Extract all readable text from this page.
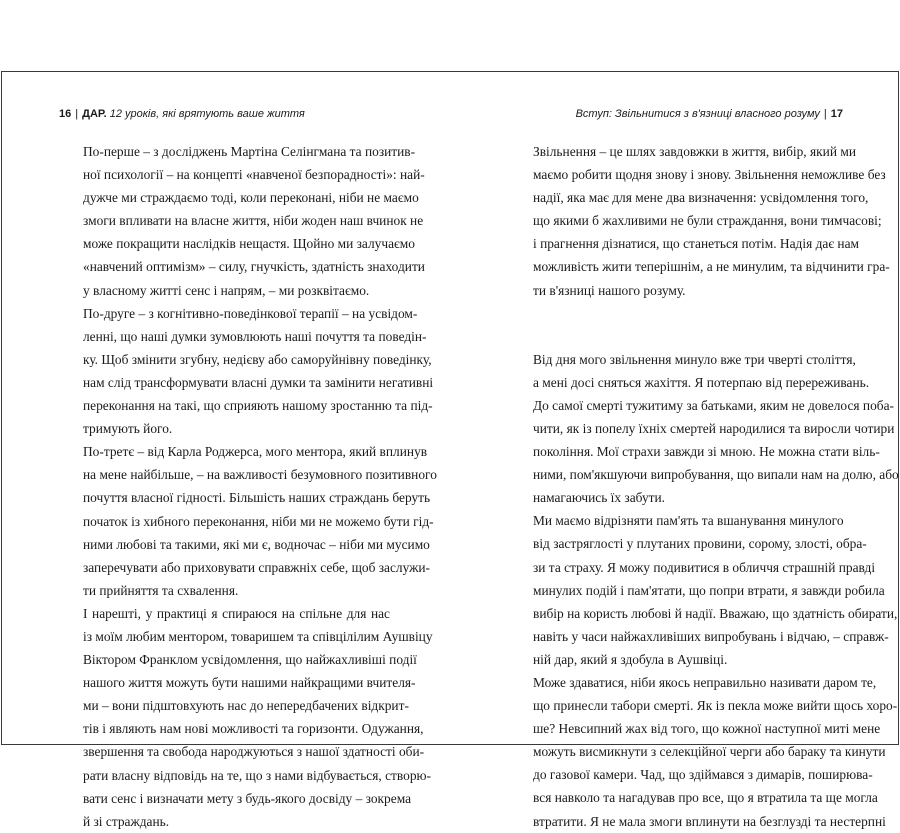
16 | ДАР. 12 уроків, які врятують ваше життя

По-перше – з досліджень Мартіна Селінгмана та позитив-
ної психології – на концепті «навченої безпорадності»: най-
дужче ми страждаємо тоді, коли переконані, ніби не маємо
змоги впливати на власне життя, ніби жоден наш вчинок не
може покращити наслідків нещастя. Щойно ми залучаємо
«навчений оптимізм» – силу, гнучкість, здатність знаходити
у власному житті сенс і напрям, – ми розквітаємо.

По-друге – з когнітивно-поведінкової терапії – на усвідом-
ленні, що наші думки зумовлюють наші почуття та поведін-
ку. Щоб змінити згубну, недієву або саморуйнівну поведінку,
нам слід трансформувати власні думки та замінити негативні
переконання на такі, що сприяють нашому зростанню та під-
тримують його.

По-третє – від Карла Роджерса, мого ментора, який вплинув
на мене найбільше, – на важливості безумовного позитивного
почуття власної гідності. Більшість наших страждань беруть
початок із хибного переконання, ніби ми не можемо бути гід-
ними любові та такими, які ми є, водночас – ніби ми мусимо
заперечувати або приховувати справжніх себе, щоб заслужи-
ти прийняття та схвалення.

І нарешті, у практиці я спираюся на спільне для нас
із моїм любим ментором, товаришем та співцілілим Аушвіцу
Віктором Франклом усвідомлення, що найжахливіші події
нашого життя можуть бути нашими найкращими вчителя-
ми – вони підштовхують нас до непередбачених відкрит-
тів і являють нам нові можливості та горизонти. Одужання,
звершення та свобода народжуються з нашої здатності оби-
рати власну відповідь на те, що з нами відбувається, створю-
вати сенс і визначати мету з будь-якого досвіду – зокрема
й зі страждань.

Вступ: Звільнитися з в'язниці власного розуму | 17

Звільнення – це шлях завдовжки в життя, вибір, який ми
маємо робити щодня знову і знову. Звільнення неможливе без
надії, яка має для мене два визначення: усвідомлення того,
що якими б жахливими не були страждання, вони тимчасові;
і прагнення дізнатися, що станеться потім. Надія дає нам
можливість жити теперішнім, а не минулим, та відчинити гра-
ти в'язниці нашого розуму.

Від дня мого звільнення минуло вже три чверті століття,
а мені досі сняться жахіття. Я потерпаю від перереживань.
До самої смерті тужитиму за батьками, яким не довелося поба-
чити, як із попелу їхніх смертей народилися та виросли чотири
покоління. Мої страхи завжди зі мною. Не можна стати віль-
ними, пом'якшуючи випробування, що випали нам на долю, або
намагаючись їх забути.

Ми маємо відрізняти пам'ять та вшанування минулого
від застряглості у плутаних провини, сорому, злості, обра-
зи та страху. Я можу подивитися в обличчя страшній правді
минулих подій і пам'ятати, що попри втрати, я завжди робила
вибір на користь любові й надії. Вважаю, що здатність обирати,
навіть у часи найжахливіших випробувань і відчаю, – справж-
ній дар, який я здобула в Аушвіці.

Може здаватися, ніби якось неправильно називати даром те,
що принесли табори смерті. Як із пекла може вийти щось хоро-
ше? Невсипний жах від того, що кожної наступної миті мене
можуть висмикнути з селекційної черги або бараку та кинути
до газової камери. Чад, що здіймався з димарів, поширюва-
вся навколо та нагадував про все, що я втратила та ще могла
втратити. Я не мала змоги вплинути на безглузді та нестерпні
